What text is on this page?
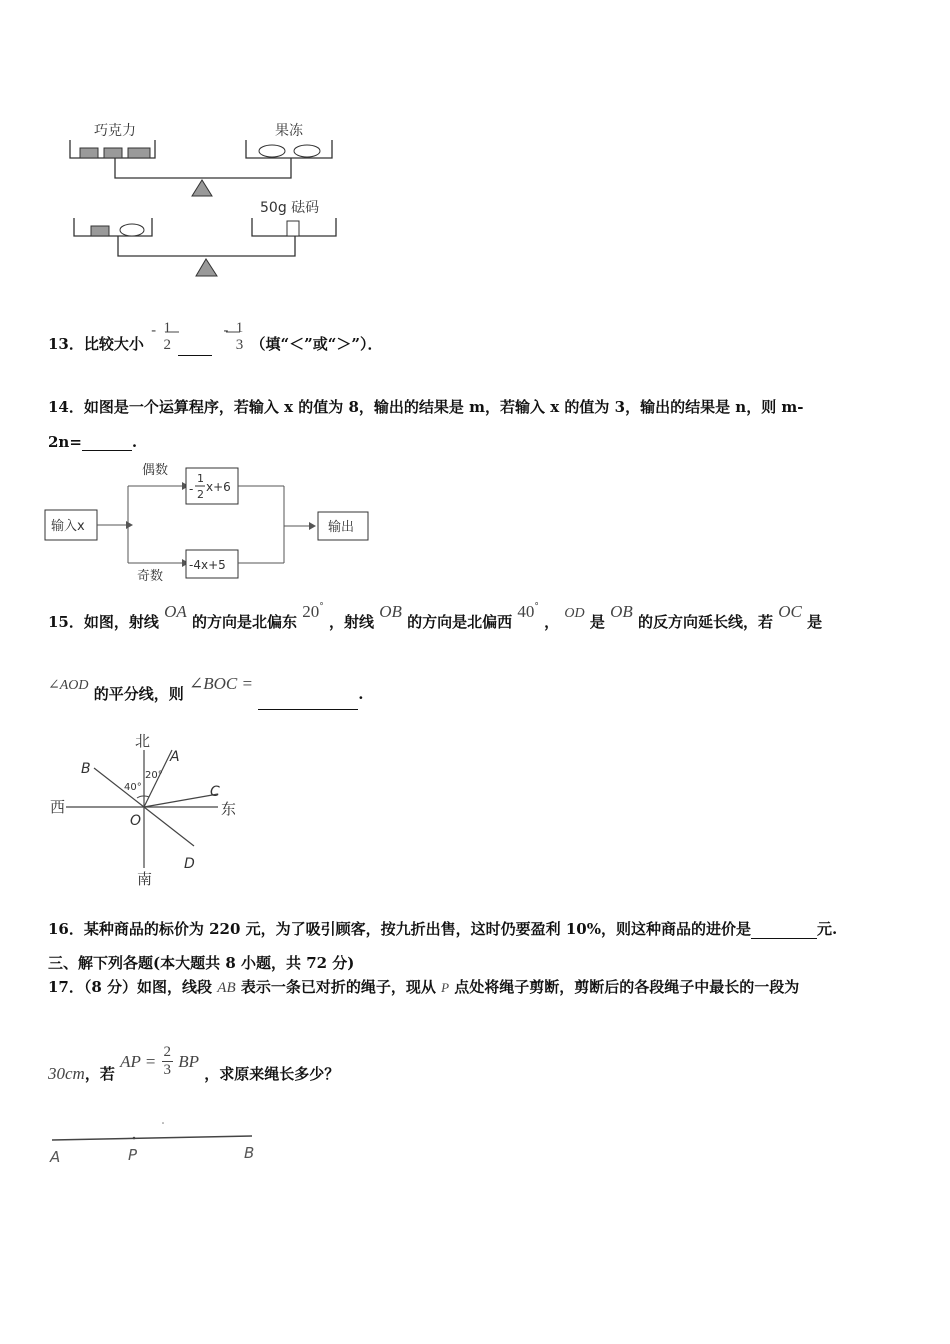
巧克力	果冻
50g 砝码
13．比较大小 - 1
2
- 1
3 （填“＜”或“＞”）．
14．如图是一个运算程序，若输入 x 的值为 8，输出的结果是 m，若输入 x 的值为 3，输出的结果是 n，则 m-
2n=	.
输入x
偶数
奇数
-
1
2
x+6
-4x+5
输出
15．如图，射线 OA 的方向是北偏东 20° ，射线 OB 的方向是北偏西 40° ， OD 是 OB 的反方向延长线，若 OC 是
∠AOD 的平分线，则 ∠BOC = .
北
南
西	东
A
B
C
D
O
20°
40°
16．某种商品的标价为 220 元，为了吸引顾客，按九折出售，这时仍要盈利 10%，则这种商品的进价是	元.
三、解下列各题(本大题共 8 小题，共 72 分)
17．（8 分）如图，线段 AB 表示一条已对折的绳子，现从 P 点处将绳子剪断，剪断后的各段绳子中最长的一段为
30cm，若 AP = $\frac{2}{3}$ BP ，求原来绳长多少？
A	P	B
